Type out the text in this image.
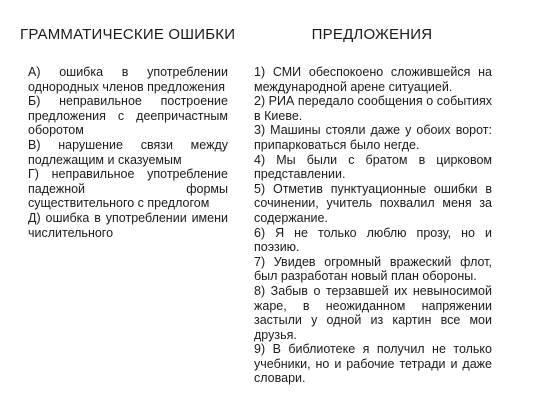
ГРАММАТИЧЕСКИЕ ОШИБКИ	ПРЕДЛОЖЕНИЯ
А) ошибка в употреблении однородных членов предложения
Б) неправильное построение предложения с деепричастным оборотом
В) нарушение связи между подлежащим и сказуемым
Г) неправильное употребление падежной формы существительного с предлогом
Д) ошибка в употреблении имени числительного
1) СМИ обеспокоено сложившейся на международной арене ситуацией.
2) РИА передало сообщения о событиях в Киеве.
3) Машины стояли даже у обоих ворот: припарковаться было негде.
4) Мы были с братом в цирковом представлении.
5) Отметив пунктуационные ошибки в сочинении, учитель похвалил меня за содержание.
6) Я не только люблю прозу, но и поэзию.
7) Увидев огромный вражеский флот, был разработан новый план обороны.
8) Забыв о терзавшей их невыносимой жаре, в неожиданном напряжении застыли у одной из картин все мои друзья.
9) В библиотеке я получил не только учебники, но и рабочие тетради и даже словари.
